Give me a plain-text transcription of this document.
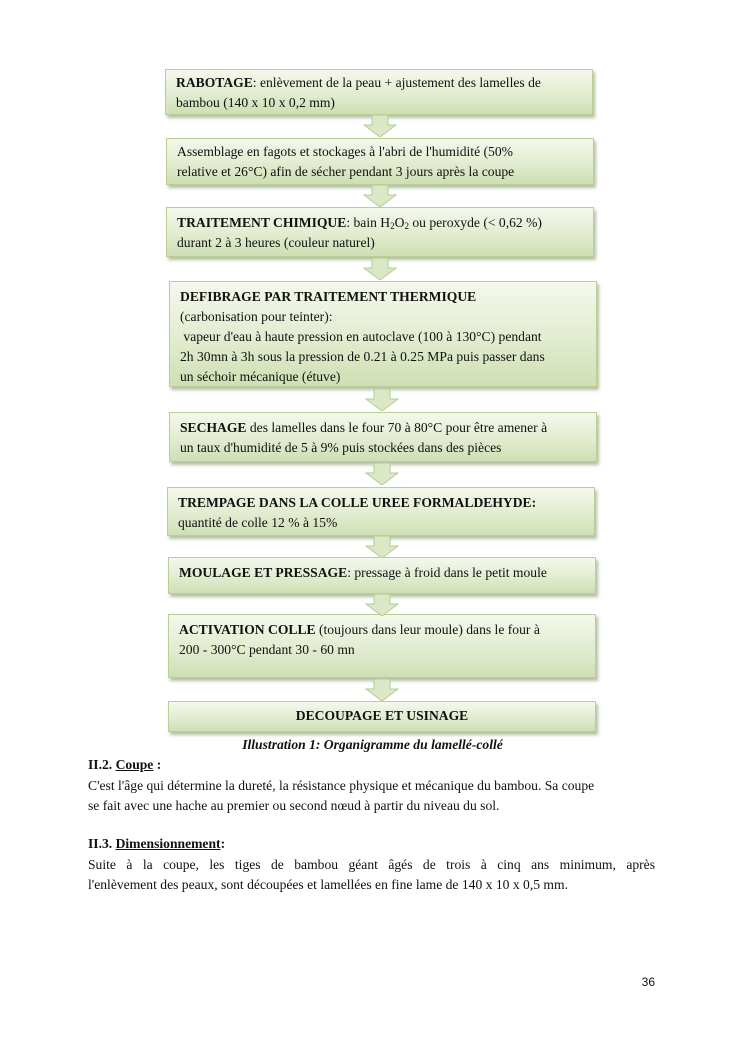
RABOTAGE: enlèvement de la peau + ajustement des lamelles de
bambou (140 x 10 x 0,2 mm)
Assemblage en fagots et stockages à l'abri de l'humidité (50%
relative et 26°C) afin de sécher pendant 3 jours après la coupe
TRAITEMENT CHIMIQUE: bain $H_2O_2$ ou peroxyde (< 0,62 %)
durant 2 à 3 heures (couleur naturel)
DEFIBRAGE PAR TRAITEMENT THERMIQUE
(carbonisation pour teinter):
vapeur d'eau à haute pression en autoclave (100 à 130°C) pendant
2h 30mn à 3h sous la pression de 0.21 à 0.25 MPa puis passer dans
un séchoir mécanique (étuve)
SECHAGE des lamelles dans le four 70 à 80°C pour être amener à
un taux d'humidité de 5 à 9% puis stockées dans des pièces
TREMPAGE DANS LA COLLE UREE FORMALDEHYDE:
quantité de colle 12 % à 15%
MOULAGE ET PRESSAGE: pressage à froid dans le petit moule
ACTIVATION COLLE (toujours dans leur moule) dans le four à
200 - 300°C pendant 30 - 60 mn
DECOUPAGE ET USINAGE
Illustration 1: Organigramme du lamellé-collé
II.2. Coupe :
C'est l'âge qui détermine la dureté, la résistance physique et mécanique du bambou. Sa coupe
se fait avec une hache au premier ou second nœud à partir du niveau du sol.
II.3. Dimensionnement:
Suite à la coupe, les tiges de bambou géant âgés de trois à cinq ans minimum, après
l'enlèvement des peaux, sont découpées et lamellées en fine lame de 140 x 10 x 0,5 mm.
36
